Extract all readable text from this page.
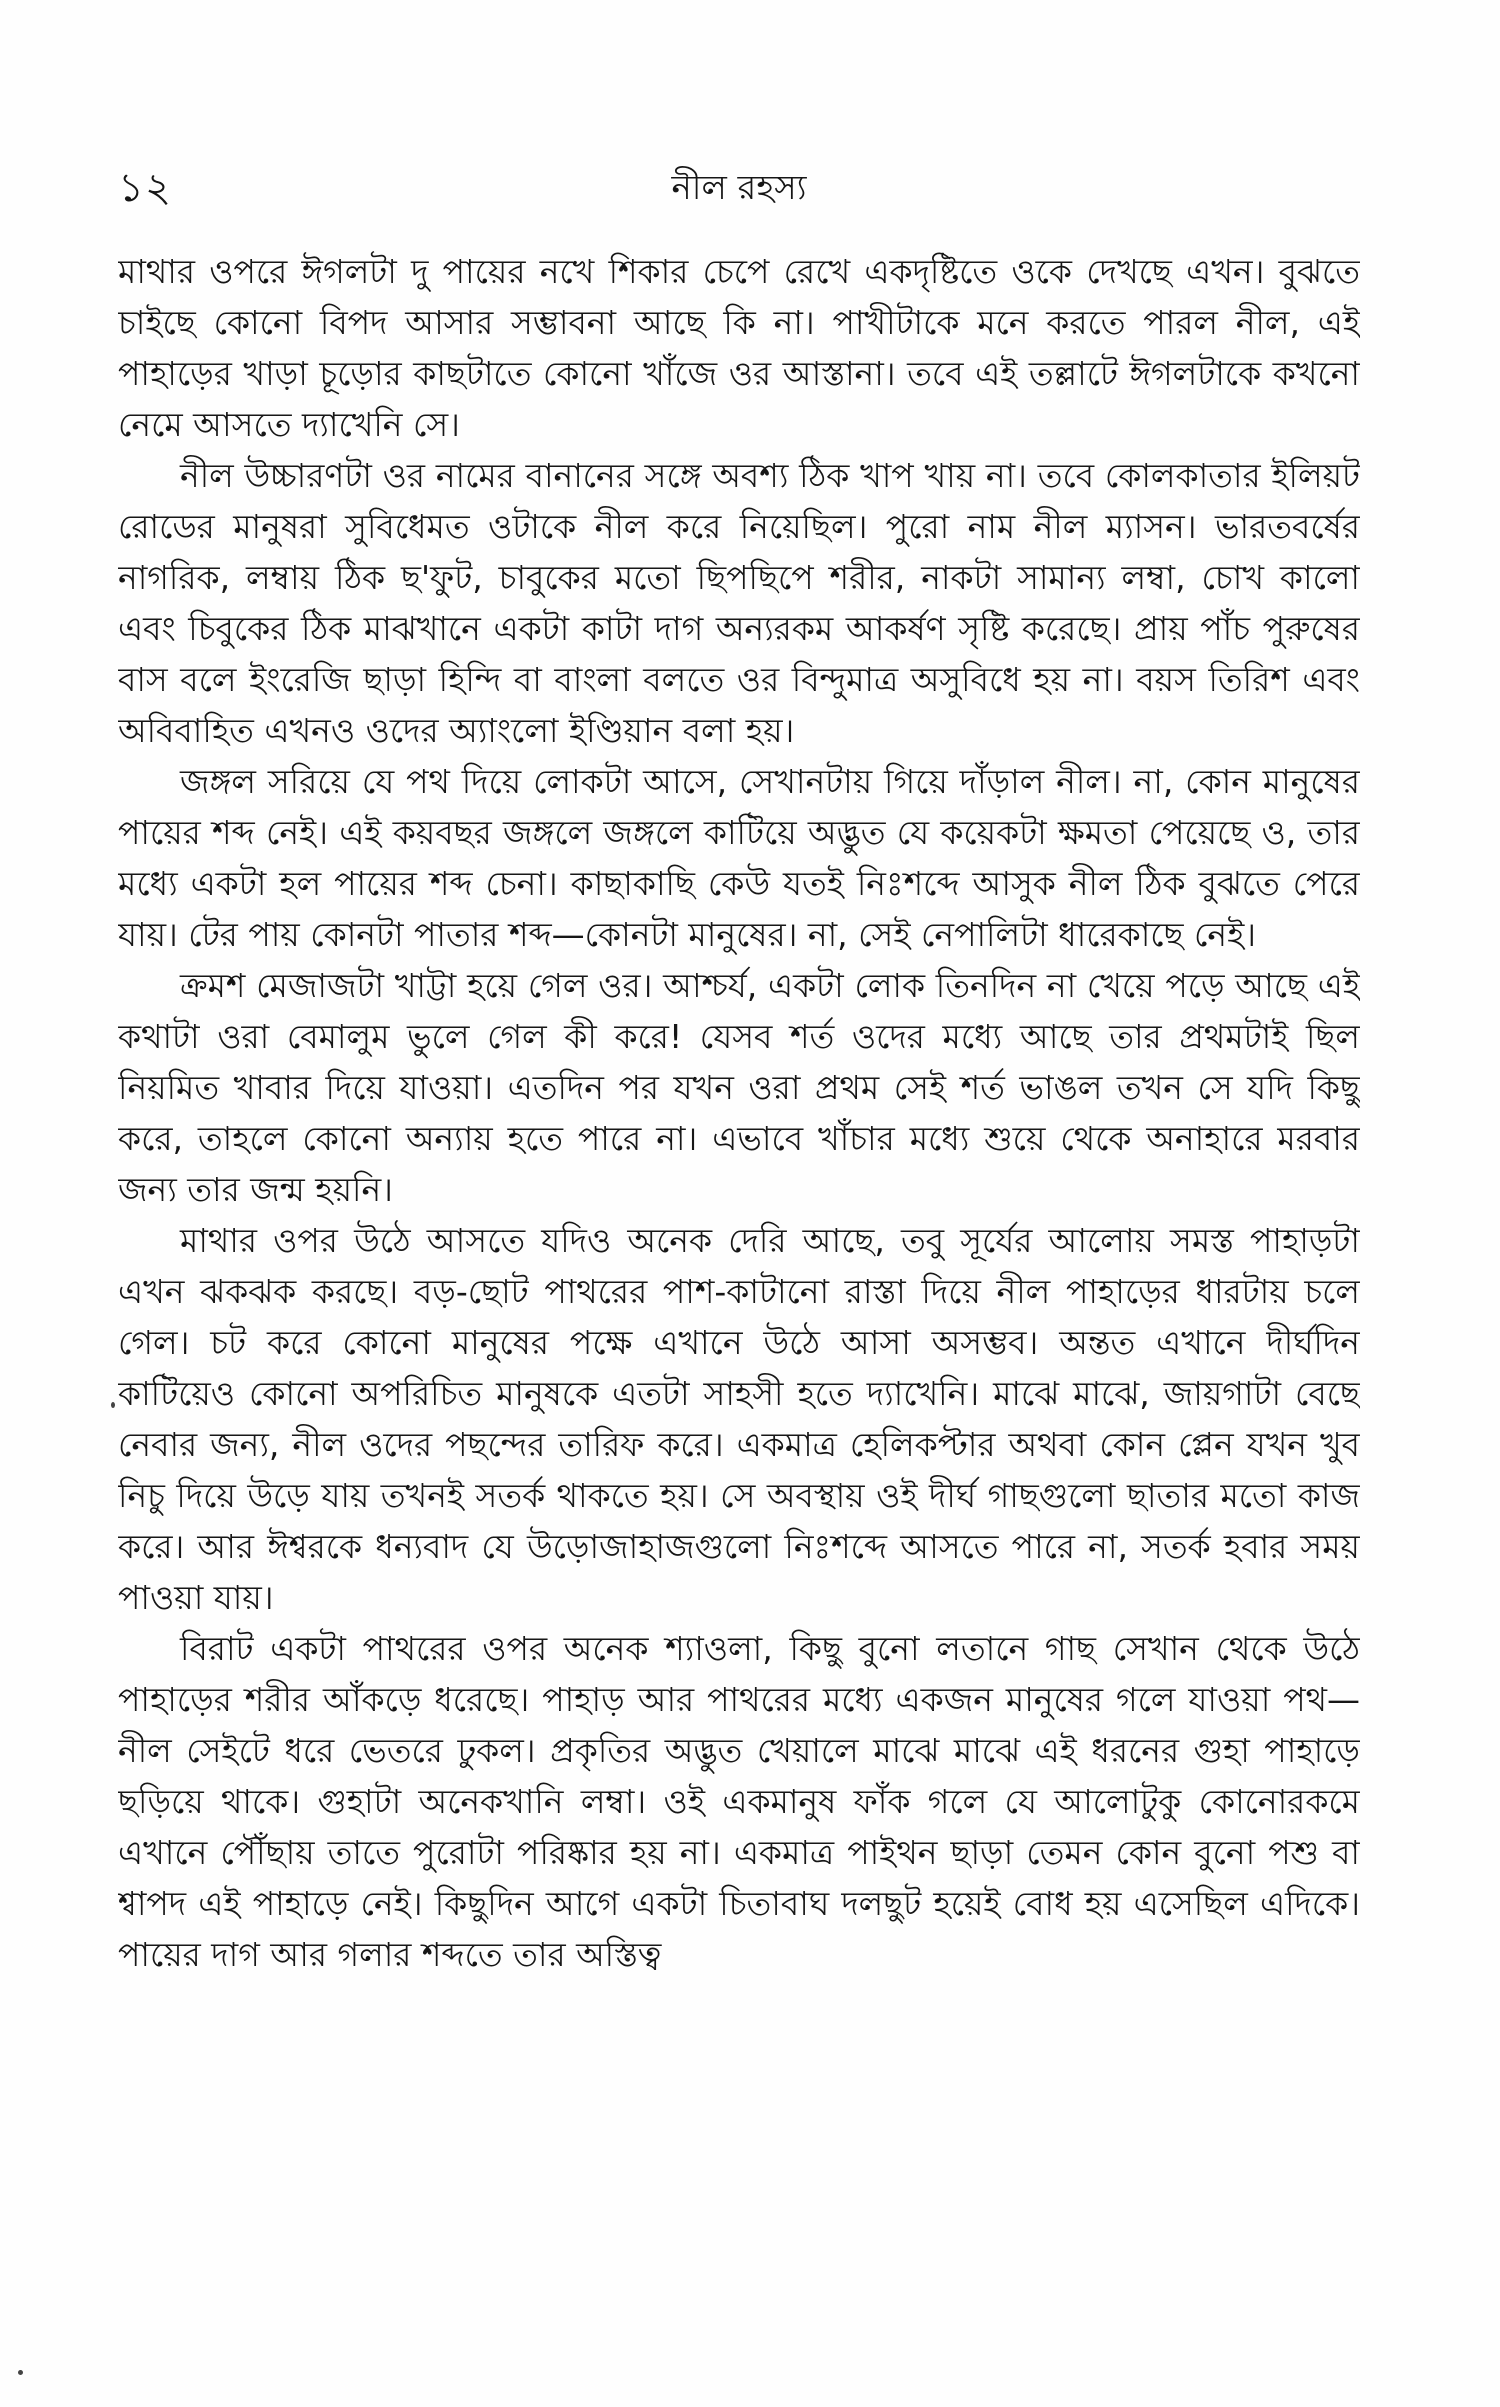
১২	নীল রহস্য

মাথার ওপরে ঈগলটা দু পায়ের নখে শিকার চেপে রেখে একদৃষ্টিতে ওকে দেখছে এখন। বুঝতে চাইছে কোনো বিপদ আসার সম্ভাবনা আছে কি না। পাখীটাকে মনে করতে পারল নীল, এই পাহাড়ের খাড়া চূড়োর কাছটাতে কোনো খাঁজে ওর আস্তানা। তবে এই তল্লাটে ঈগলটাকে কখনো নেমে আসতে দ্যাখেনি সে।

নীল উচ্চারণটা ওর নামের বানানের সঙ্গে অবশ্য ঠিক খাপ খায় না। তবে কোলকাতার ইলিয়ট রোডের মানুষরা সুবিধেমত ওটাকে নীল করে নিয়েছিল। পুরো নাম নীল ম্যাসন। ভারতবর্ষের নাগরিক, লম্বায় ঠিক ছ'ফুট, চাবুকের মতো ছিপছিপে শরীর, নাকটা সামান্য লম্বা, চোখ কালো এবং চিবুকের ঠিক মাঝখানে একটা কাটা দাগ অন্যরকম আকর্ষণ সৃষ্টি করেছে। প্রায় পাঁচ পুরুষের বাস বলে ইংরেজি ছাড়া হিন্দি বা বাংলা বলতে ওর বিন্দুমাত্র অসুবিধে হয় না। বয়স তিরিশ এবং অবিবাহিত এখনও ওদের অ্যাংলো ইণ্ডিয়ান বলা হয়।

জঙ্গল সরিয়ে যে পথ দিয়ে লোকটা আসে, সেখানটায় গিয়ে দাঁড়াল নীল। না, কোন মানুষের পায়ের শব্দ নেই। এই কয়বছর জঙ্গলে জঙ্গলে কাটিয়ে অদ্ভুত যে কয়েকটা ক্ষমতা পেয়েছে ও, তার মধ্যে একটা হল পায়ের শব্দ চেনা। কাছাকাছি কেউ যতই নিঃশব্দে আসুক নীল ঠিক বুঝতে পেরে যায়। টের পায় কোনটা পাতার শব্দ—কোনটা মানুষের। না, সেই নেপালিটা ধারেকাছে নেই।

ক্রমশ মেজাজটা খাট্টা হয়ে গেল ওর। আশ্চর্য, একটা লোক তিনদিন না খেয়ে পড়ে আছে এই কথাটা ওরা বেমালুম ভুলে গেল কী করে! যেসব শর্ত ওদের মধ্যে আছে তার প্রথমটাই ছিল নিয়মিত খাবার দিয়ে যাওয়া। এতদিন পর যখন ওরা প্রথম সেই শর্ত ভাঙল তখন সে যদি কিছু করে, তাহলে কোনো অন্যায় হতে পারে না। এভাবে খাঁচার মধ্যে শুয়ে থেকে অনাহারে মরবার জন্য তার জন্ম হয়নি।

মাথার ওপর উঠে আসতে যদিও অনেক দেরি আছে, তবু সূর্যের আলোয় সমস্ত পাহাড়টা এখন ঝকঝক করছে। বড়-ছোট পাথরের পাশ-কাটানো রাস্তা দিয়ে নীল পাহাড়ের ধারটায় চলে গেল। চট করে কোনো মানুষের পক্ষে এখানে উঠে আসা অসম্ভব। অন্তত এখানে দীর্ঘদিন কাটিয়েও কোনো অপরিচিত মানুষকে এতটা সাহসী হতে দ্যাখেনি। মাঝে মাঝে, জায়গাটা বেছে নেবার জন্য, নীল ওদের পছন্দের তারিফ করে। একমাত্র হেলিকপ্টার অথবা কোন প্লেন যখন খুব নিচু দিয়ে উড়ে যায় তখনই সতর্ক থাকতে হয়। সে অবস্থায় ওই দীর্ঘ গাছগুলো ছাতার মতো কাজ করে। আর ঈশ্বরকে ধন্যবাদ যে উড়োজাহাজগুলো নিঃশব্দে আসতে পারে না, সতর্ক হবার সময় পাওয়া যায়।

বিরাট একটা পাথরের ওপর অনেক শ্যাওলা, কিছু বুনো লতানে গাছ সেখান থেকে উঠে পাহাড়ের শরীর আঁকড়ে ধরেছে। পাহাড় আর পাথরের মধ্যে একজন মানুষের গলে যাওয়া পথ—নীল সেইটে ধরে ভেতরে ঢুকল। প্রকৃতির অদ্ভুত খেয়ালে মাঝে মাঝে এই ধরনের গুহা পাহাড়ে ছড়িয়ে থাকে। গুহাটা অনেকখানি লম্বা। ওই একমানুষ ফাঁক গলে যে আলোটুকু কোনোরকমে এখানে পৌঁছায় তাতে পুরোটা পরিষ্কার হয় না। একমাত্র পাইথন ছাড়া তেমন কোন বুনো পশু বা শ্বাপদ এই পাহাড়ে নেই। কিছুদিন আগে একটা চিতাবাঘ দলছুট হয়েই বোধ হয় এসেছিল এদিকে। পায়ের দাগ আর গলার শব্দতে তার অস্তিত্ব
